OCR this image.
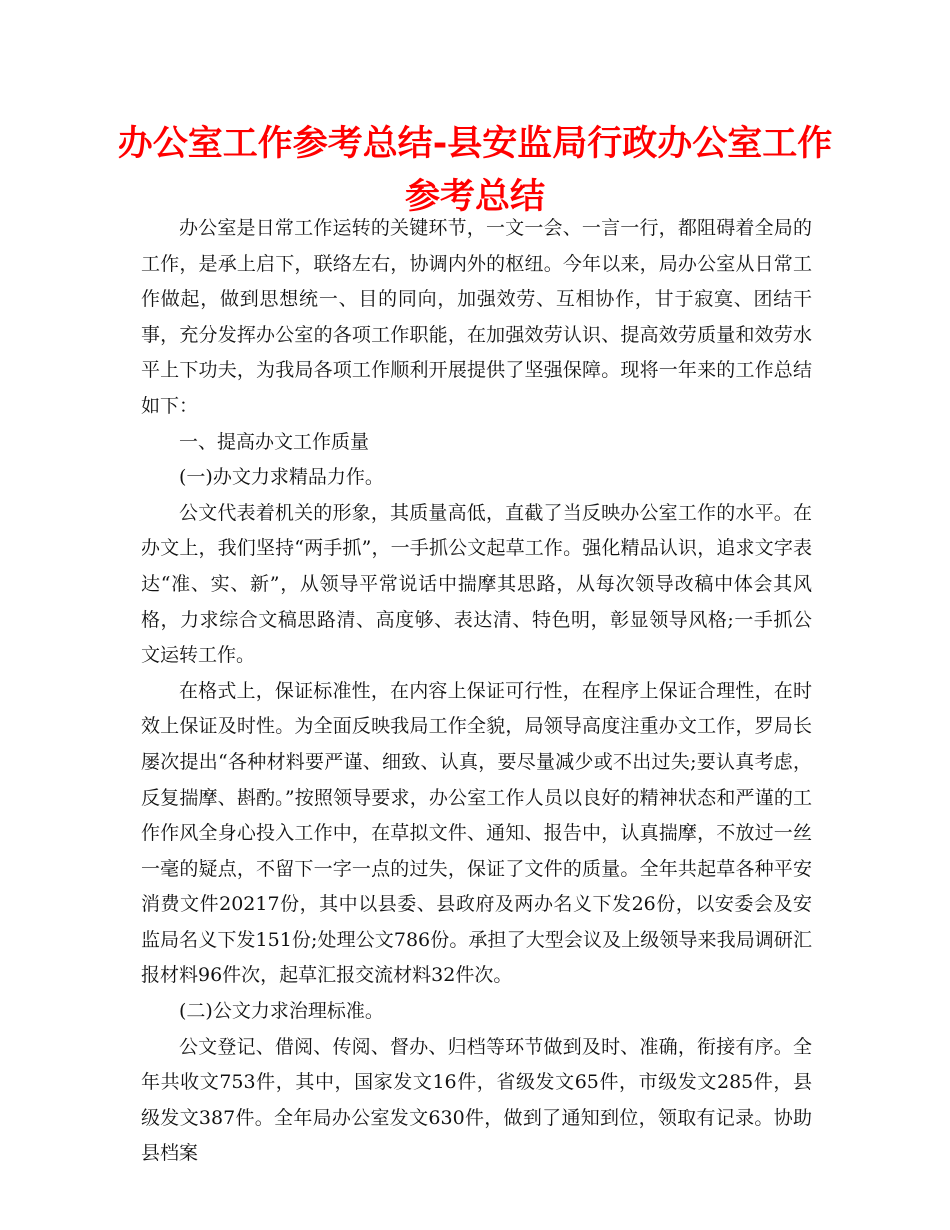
办公室工作参考总结-县安监局行政办公室工作参考总结

办公室是日常工作运转的关键环节，一文一会、一言一行，都阻碍着全局的工作，是承上启下，联络左右，协调内外的枢纽。今年以来，局办公室从日常工作做起，做到思想统一、目的同向，加强效劳、互相协作，甘于寂寞、团结干事，充分发挥办公室的各项工作职能，在加强效劳认识、提高效劳质量和效劳水平上下功夫，为我局各项工作顺利开展提供了坚强保障。现将一年来的工作总结如下：

一、提高办文工作质量

(一)办文力求精品力作。

公文代表着机关的形象，其质量高低，直截了当反映办公室工作的水平。在办文上，我们坚持“两手抓”，一手抓公文起草工作。强化精品认识，追求文字表达“准、实、新”，从领导平常说话中揣摩其思路，从每次领导改稿中体会其风格，力求综合文稿思路清、高度够、表达清、特色明，彰显领导风格;一手抓公文运转工作。

在格式上，保证标准性，在内容上保证可行性，在程序上保证合理性，在时效上保证及时性。为全面反映我局工作全貌，局领导高度注重办文工作，罗局长屡次提出“各种材料要严谨、细致、认真，要尽量减少或不出过失;要认真考虑，反复揣摩、斟酌。”按照领导要求，办公室工作人员以良好的精神状态和严谨的工作作风全身心投入工作中，在草拟文件、通知、报告中，认真揣摩，不放过一丝一毫的疑点，不留下一字一点的过失，保证了文件的质量。全年共起草各种平安消费文件20217份，其中以县委、县政府及两办名义下发26份，以安委会及安监局名义下发151份;处理公文786份。承担了大型会议及上级领导来我局调研汇报材料96件次，起草汇报交流材料32件次。

(二)公文力求治理标准。

公文登记、借阅、传阅、督办、归档等环节做到及时、准确，衔接有序。全年共收文753件，其中，国家发文16件，省级发文65件，市级发文285件，县级发文387件。全年局办公室发文630件，做到了通知到位，领取有记录。协助县档案
